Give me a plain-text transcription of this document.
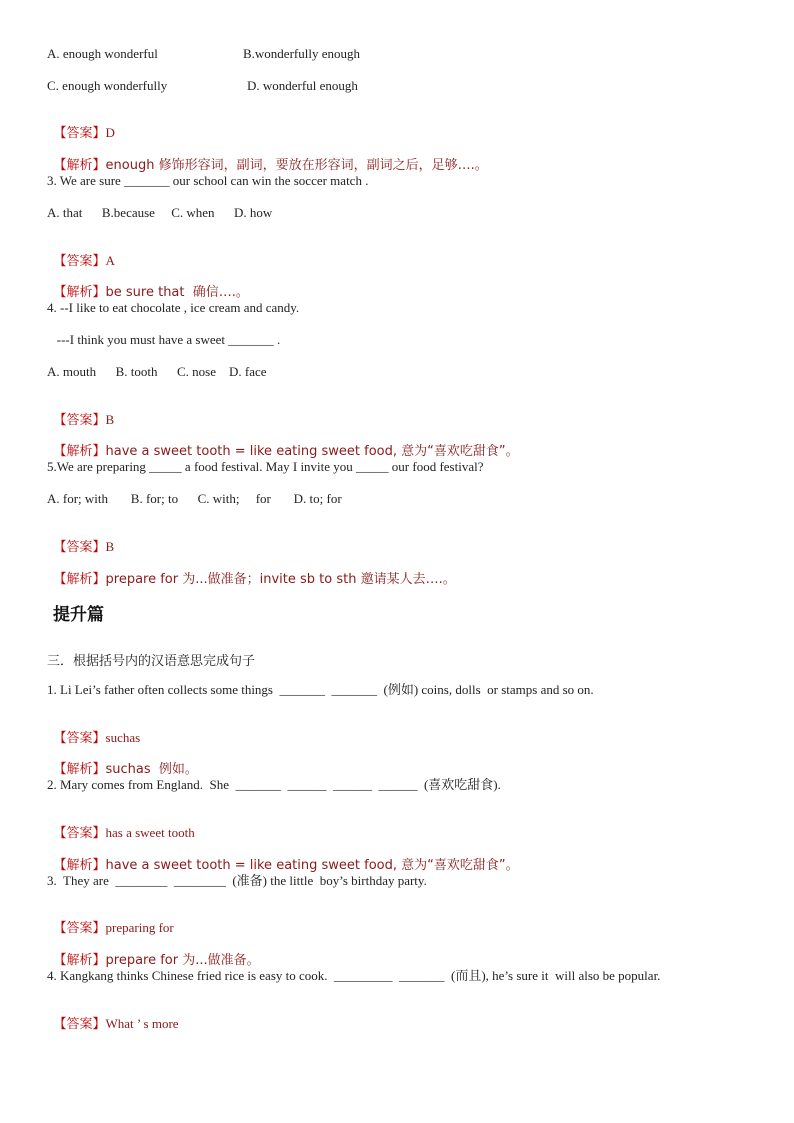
A. enough wonderful	B.wonderfully enough
C. enough wonderfully	D. wonderful enough

【答案】D

【解析】enough 修饰形容词，副词，要放在形容词，副词之后，足够….。

3. We are sure _______ our school can win the soccer match .
A. that      B.because     C. when      D. how

【答案】A

【解析】be sure that  确信….。

4. --I like to eat chocolate , ice cream and candy.
---I think you must have a sweet _______ .
A. mouth      B. tooth      C. nose    D. face

【答案】B

【解析】have a sweet tooth = like eating sweet food, 意为“喜欢吃甜食”。

5.We are preparing _____ a food festival. May I invite you _____ our food festival?
A. for; with       B. for; to      C. with;     for       D. to; for

【答案】B

【解析】prepare for 为...做准备；invite sb to sth 邀请某人去….。

提升篇
三．根据括号内的汉语意思完成句子
1. Li Lei’s father often collects some things  _______  _______  (例如) coins, dolls  or stamps and so on.

【答案】suchas

【解析】suchas  例如。

2. Mary comes from England.  She  _______  ______  ______  ______  (喜欢吃甜食).

【答案】has a sweet tooth

【解析】have a sweet tooth = like eating sweet food, 意为“喜欢吃甜食”。

3.  They are  ________  ________  (准备) the little  boy’s birthday party.

【答案】preparing for

【解析】prepare for 为...做准备。

4. Kangkang thinks Chinese fried rice is easy to cook.  _________  _______  (而且), he’s sure it  will also be popular.

【答案】What ’ s more
